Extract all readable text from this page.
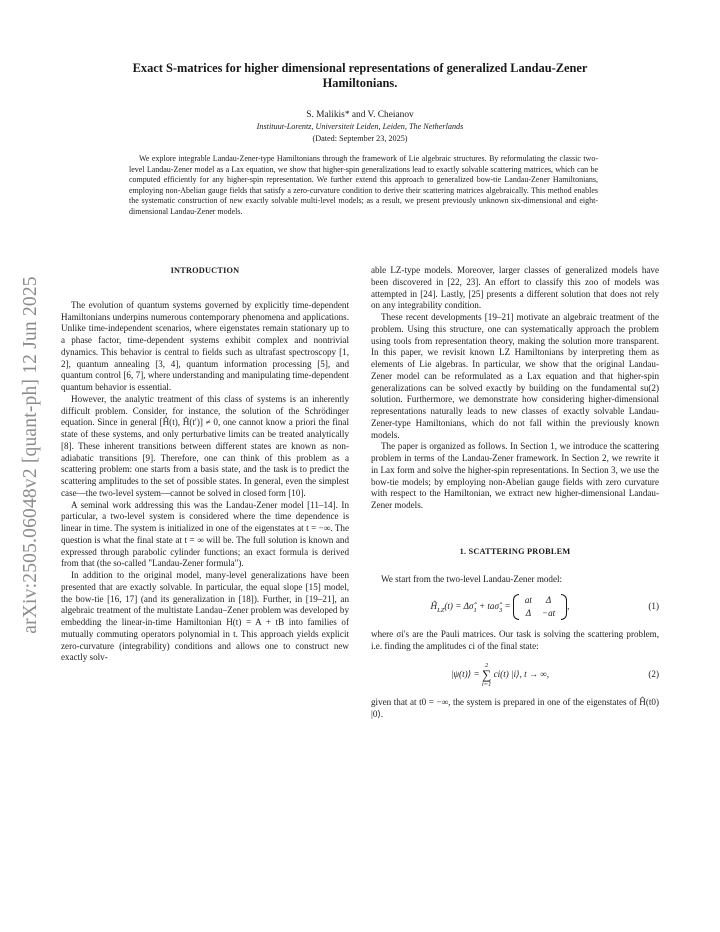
arXiv:2505.06048v2 [quant-ph] 12 Jun 2025
Exact S-matrices for higher dimensional representations of generalized Landau-Zener Hamiltonians.
S. Malikis* and V. Cheianov
Instituut-Lorentz, Universiteit Leiden, Leiden, The Netherlands
(Dated: September 23, 2025)
We explore integrable Landau-Zener-type Hamiltonians through the framework of Lie algebraic structures. By reformulating the classic two-level Landau-Zener model as a Lax equation, we show that higher-spin generalizations lead to exactly solvable scattering matrices, which can be computed efficiently for any higher-spin representation. We further extend this approach to generalized bow-tie Landau-Zener Hamiltonians, employing non-Abelian gauge fields that satisfy a zero-curvature condition to derive their scattering matrices algebraically. This method enables the systematic construction of new exactly solvable multi-level models; as a result, we present previously unknown six-dimensional and eight-dimensional Landau-Zener models.
INTRODUCTION

The evolution of quantum systems governed by explicitly time-dependent Hamiltonians underpins numerous contemporary phenomena and applications. Unlike time-independent scenarios, where eigenstates remain stationary up to a phase factor, time-dependent systems exhibit complex and nontrivial dynamics. This behavior is central to fields such as ultrafast spectroscopy [1, 2], quantum annealing [3, 4], quantum information processing [5], and quantum control [6, 7], where understanding and manipulating time-dependent quantum behavior is essential.

However, the analytic treatment of this class of systems is an inherently difficult problem. Consider, for instance, the solution of the Schrödinger equation. Since in general [Ĥ(t), Ĥ(t′)] ≠ 0, one cannot know a priori the final state of these systems, and only perturbative limits can be treated analytically [8]. These inherent transitions between different states are known as non-adiabatic transitions [9]. Therefore, one can think of this problem as a scattering problem: one starts from a basis state, and the task is to predict the scattering amplitudes to the set of possible states. In general, even the simplest case—the two-level system—cannot be solved in closed form [10].

A seminal work addressing this was the Landau-Zener model [11–14]. In particular, a two-level system is considered where the time dependence is linear in time. The system is initialized in one of the eigenstates at t = −∞. The question is what the final state at t = ∞ will be. The full solution is known and expressed through parabolic cylinder functions; an exact formula is derived from that (the so-called "Landau-Zener formula").

In addition to the original model, many-level generalizations have been presented that are exactly solvable. In particular, the equal slope [15] model, the bow-tie [16, 17] (and its generalization in [18]). Further, in [19–21], an algebraic treatment of the multistate Landau–Zener problem was developed by embedding the linear-in-time Hamiltonian H(t) = A + tB into families of mutually commuting operators polynomial in t. This approach yields explicit zero-curvature (integrability) conditions and allows one to construct new exactly solv-

able LZ-type models. Moreover, larger classes of generalized models have been discovered in [22, 23]. An effort to classify this zoo of models was attempted in [24]. Lastly, [25] presents a different solution that does not rely on any integrability condition.

These recent developments [19–21] motivate an algebraic treatment of the problem. Using this structure, one can systematically approach the problem using tools from representation theory, making the solution more transparent. In this paper, we revisit known LZ Hamiltonians by interpreting them as elements of Lie algebras. In particular, we show that the original Landau-Zener model can be reformulated as a Lax equation and that higher-spin generalizations can be solved exactly by building on the fundamental su(2) solution. Furthermore, we demonstrate how considering higher-dimensional representations naturally leads to new classes of exactly solvable Landau-Zener-type Hamiltonians, which do not fall within the previously known models.

The paper is organized as follows. In Section 1, we introduce the scattering problem in terms of the Landau-Zener framework. In Section 2, we rewrite it in Lax form and solve the higher-spin representations. In Section 3, we use the bow-tie models; by employing non-Abelian gauge fields with zero curvature with respect to the Hamiltonian, we extract new higher-dimensional Landau-Zener models.

1. SCATTERING PROBLEM

We start from the two-level Landau-Zener model:

$Ĥ_{LZ}(t)$ = $\Delta\sigmâ_1$ + $ta\sigmâ_3$ =
at	Δ
Δ	−at
,	(1)

where σi's are the Pauli matrices. Our task is solving the scattering problem, i.e. finding the amplitudes ci of the final state:

|ψ(t)⟩ =
2
∑
i=1
ci(t) |i⟩, t → ∞,	(2)

given that at t0 = −∞, the system is prepared in one of the eigenstates of Ĥ(t0) |0⟩.
